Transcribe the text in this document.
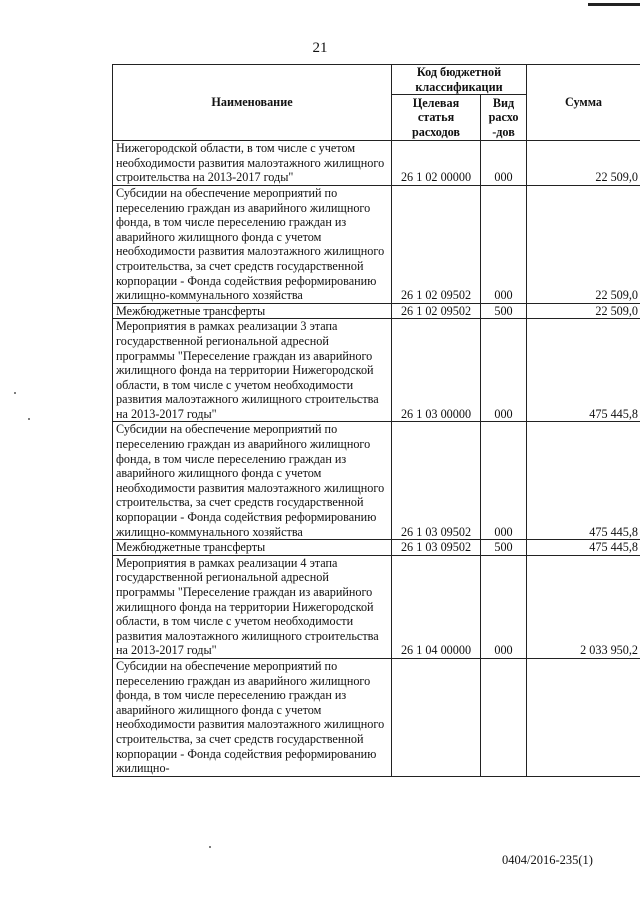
21
Наименование	Код бюджетной классификации		Сумма
	Целевая статья расходов	Вид расхо -дов	
Нижегородской области, в том числе с учетом необходимости развития малоэтажного жилищного строительства на 2013-2017 годы"	26 1 02 00000	000	22 509,0
Субсидии на обеспечение мероприятий по переселению граждан из аварийного жилищного фонда, в том числе переселению граждан из аварийного жилищного фонда с учетом необходимости развития малоэтажного жилищного строительства, за счет средств государственной корпорации - Фонда содействия реформированию жилищно-коммунального хозяйства	26 1 02 09502	000	22 509,0
Межбюджетные трансферты	26 1 02 09502	500	22 509,0
Мероприятия в рамках реализации 3 этапа государственной региональной адресной программы "Переселение граждан из аварийного жилищного фонда на территории Нижегородской области, в том числе с учетом необходимости развития малоэтажного жилищного строительства на 2013-2017 годы"	26 1 03 00000	000	475 445,8
Субсидии на обеспечение мероприятий по переселению граждан из аварийного жилищного фонда, в том числе переселению граждан из аварийного жилищного фонда с учетом необходимости развития малоэтажного жилищного строительства, за счет средств государственной корпорации - Фонда содействия реформированию жилищно-коммунального хозяйства	26 1 03 09502	000	475 445,8
Межбюджетные трансферты	26 1 03 09502	500	475 445,8
Мероприятия в рамках реализации 4 этапа государственной региональной адресной программы "Переселение граждан из аварийного жилищного фонда на территории Нижегородской области, в том числе с учетом необходимости развития малоэтажного жилищного строительства на 2013-2017 годы"	26 1 04 00000	000	2 033 950,2
Субсидии на обеспечение мероприятий по переселению граждан из аварийного жилищного фонда, в том числе переселению граждан из аварийного жилищного фонда с учетом необходимости развития малоэтажного жилищного строительства, за счет средств государственной корпорации - Фонда содействия реформированию жилищно-			
0404/2016-235(1)
